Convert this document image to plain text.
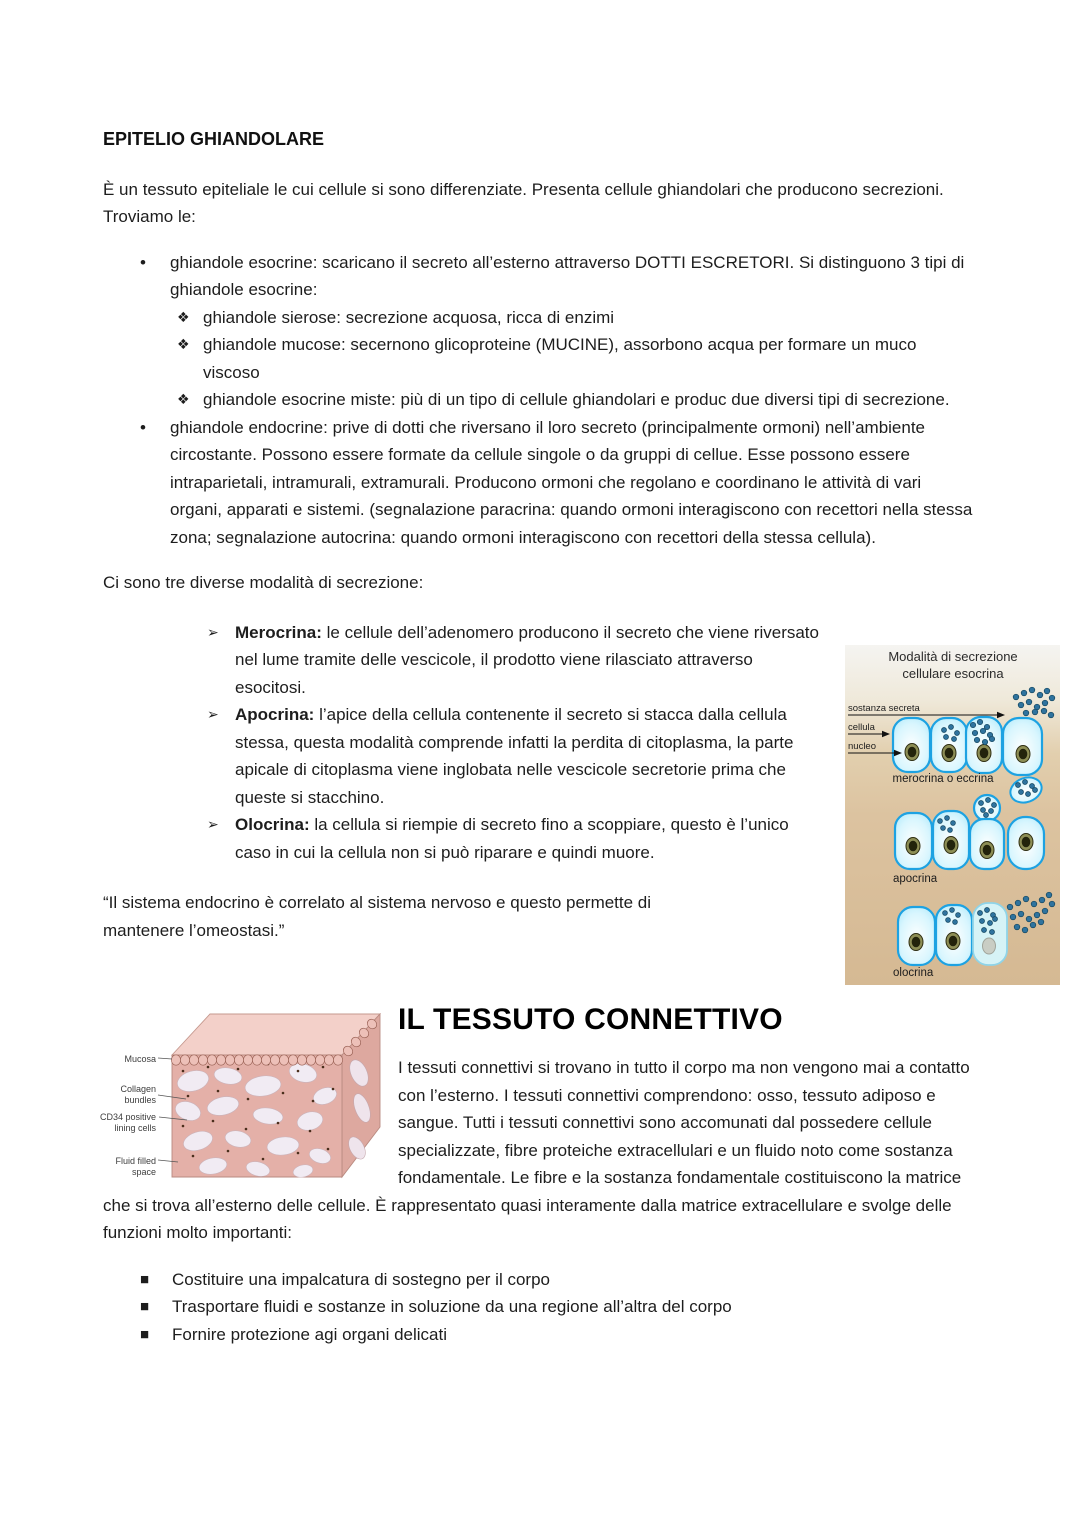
EPITELIO GHIANDOLARE

È un tessuto epiteliale le cui cellule si sono differenziate. Presenta cellule ghiandolari che producono secrezioni. Troviamo le:

• ghiandole esocrine: scaricano il secreto all’esterno attraverso DOTTI ESCRETORI. Si distinguono 3 tipi di ghiandole esocrine:
❖ ghiandole sierose: secrezione acquosa, ricca di enzimi
❖ ghiandole mucose: secernono glicoproteine (MUCINE), assorbono acqua per formare un muco viscoso
❖ ghiandole esocrine miste: più di un tipo di cellule ghiandolari e produc due diversi tipi di secrezione.
• ghiandole endocrine: prive di dotti che riversano il loro secreto (principalmente ormoni) nell’ambiente circostante. Possono essere formate da cellule singole o da gruppi di cellue. Esse possono essere intraparietali, intramurali, extramurali. Producono ormoni che regolano e coordinano le attività di vari organi, apparati e sistemi. (segnalazione paracrina: quando ormoni interagiscono con recettori nella stessa zona; segnalazione autocrina: quando ormoni interagiscono con recettori della stessa cellula).

Ci sono tre diverse modalità di secrezione:

➢ Merocrina: le cellule dell’adenomero producono il secreto che viene riversato nel lume tramite delle vescicole, il prodotto viene rilasciato attraverso esocitosi.
➢ Apocrina: l’apice della cellula contenente il secreto si stacca dalla cellula stessa, questa modalità comprende infatti la perdita di citoplasma, la parte apicale di citoplasma viene inglobata nelle vescicole secretorie prima che queste si stacchino.
➢ Olocrina: la cellula si riempie di secreto fino a scoppiare, questo è l’unico caso in cui la cellula non si può riparare e quindi muore.

“Il sistema endocrino è correlato al sistema nervoso e questo permette di mantenere l’omeostasi.”

Modalità di secrezione
cellulare esocrina
sostanza secreta
cellula
nucleo
merocrina o eccrina
apocrina
olocrina
Mucosa
Collagen
bundles
CD34 positive
lining cells
Fluid filled
space
IL TESSUTO CONNETTIVO

I tessuti connettivi si trovano in tutto il corpo ma non vengono mai a contatto con l’esterno. I tessuti connettivi comprendono: osso, tessuto adiposo e sangue. Tutti i tessuti connettivi sono accomunati dal possedere cellule specializzate, fibre proteiche extracellulari e un fluido noto come sostanza fondamentale. Le fibre e la sostanza fondamentale costituiscono la matrice che si trova all’esterno delle cellule. È rappresentato quasi interamente dalla matrice extracellulare e svolge delle funzioni molto importanti:

■ Costituire una impalcatura di sostegno per il corpo
■ Trasportare fluidi e sostanze in soluzione da una regione all’altra del corpo
■ Fornire protezione agi organi delicati
